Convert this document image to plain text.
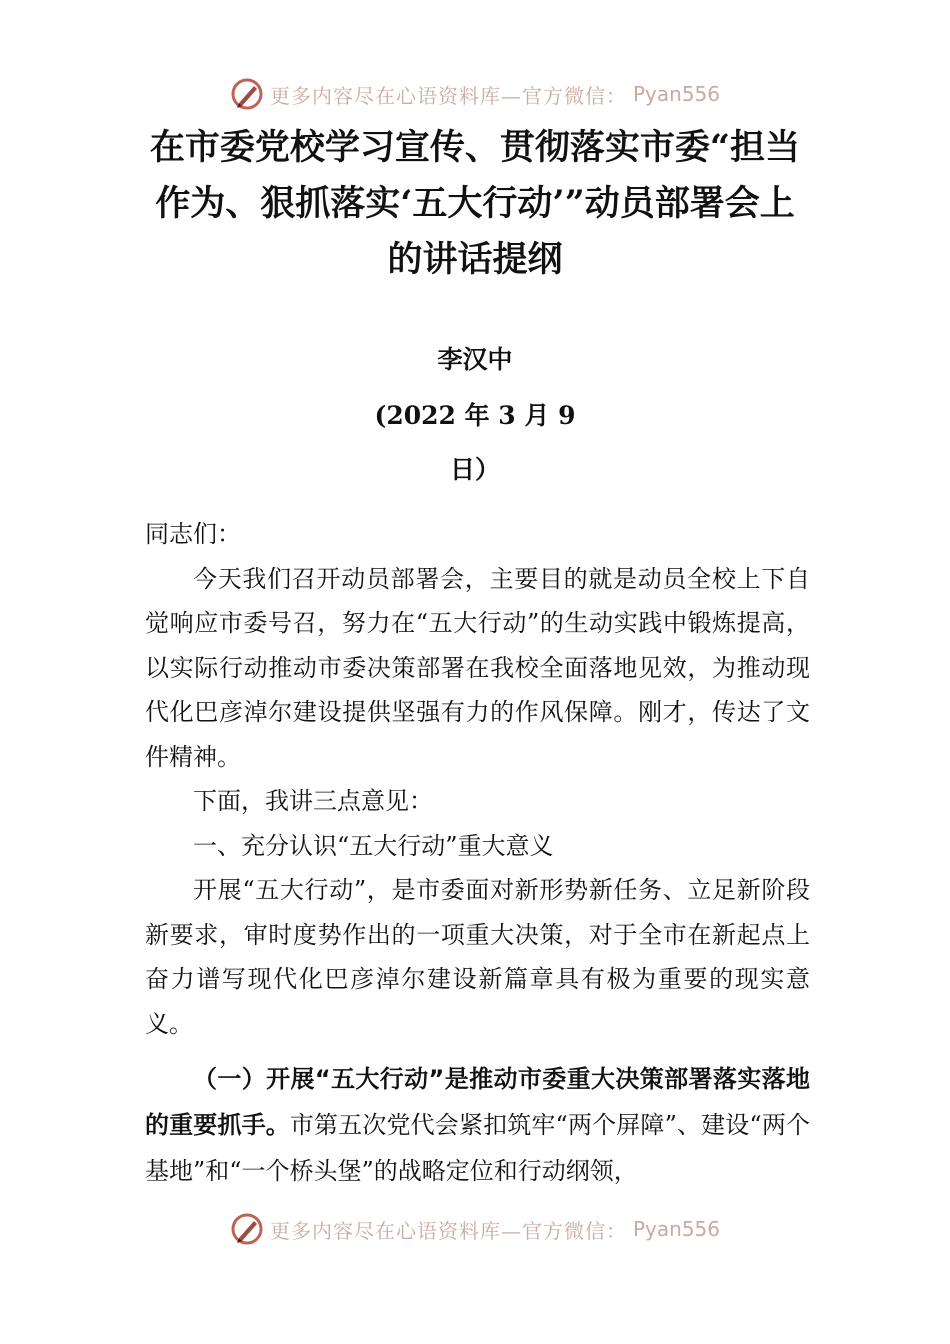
更多内容尽在心语资料库—官方微信： Pyan556
在市委党校学习宣传、贯彻落实市委“担当作为、狠抓落实‘五大行动’”动员部署会上的讲话提纲
李汉中
(2022 年 3 月 9
日）

同志们：

今天我们召开动员部署会，主要目的就是动员全校上下自觉响应市委号召，努力在“五大行动”的生动实践中锻炼提高，以实际行动推动市委决策部署在我校全面落地见效，为推动现代化巴彦淖尔建设提供坚强有力的作风保障。刚才，传达了文件精神。

下面，我讲三点意见：

一、充分认识“五大行动”重大意义

开展“五大行动”，是市委面对新形势新任务、立足新阶段新要求，审时度势作出的一项重大决策，对于全市在新起点上奋力谱写现代化巴彦淖尔建设新篇章具有极为重要的现实意义。

（一）开展“五大行动”是推动市委重大决策部署落实落地的重要抓手。市第五次党代会紧扣筑牢“两个屏障”、建设“两个基地”和“一个桥头堡”的战略定位和行动纲领，

更多内容尽在心语资料库—官方微信： Pyan556
